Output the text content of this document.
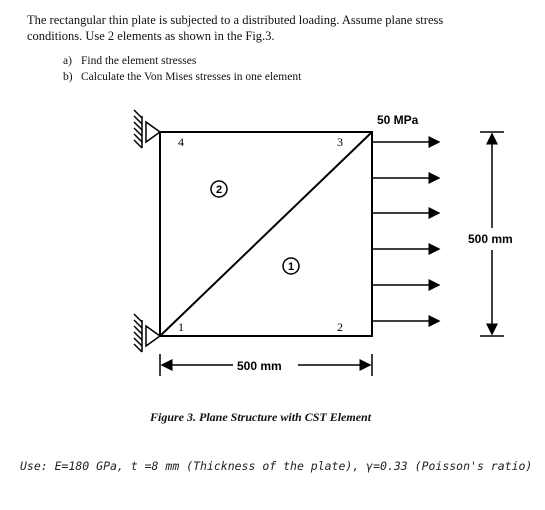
The rectangular thin plate is subjected to a distributed loading. Assume plane stress conditions. Use 2 elements as shown in the Fig.3.
a) Find the element stresses
b) Calculate the Von Mises stresses in one element
4	3
2
1
2
1
50 MPa
500 mm
500 mm
Figure 3. Plane Structure with CST Element
Use: E=180 GPa, t =8 mm (Thickness of the plate), γ=0.33 (Poisson's ratio)
